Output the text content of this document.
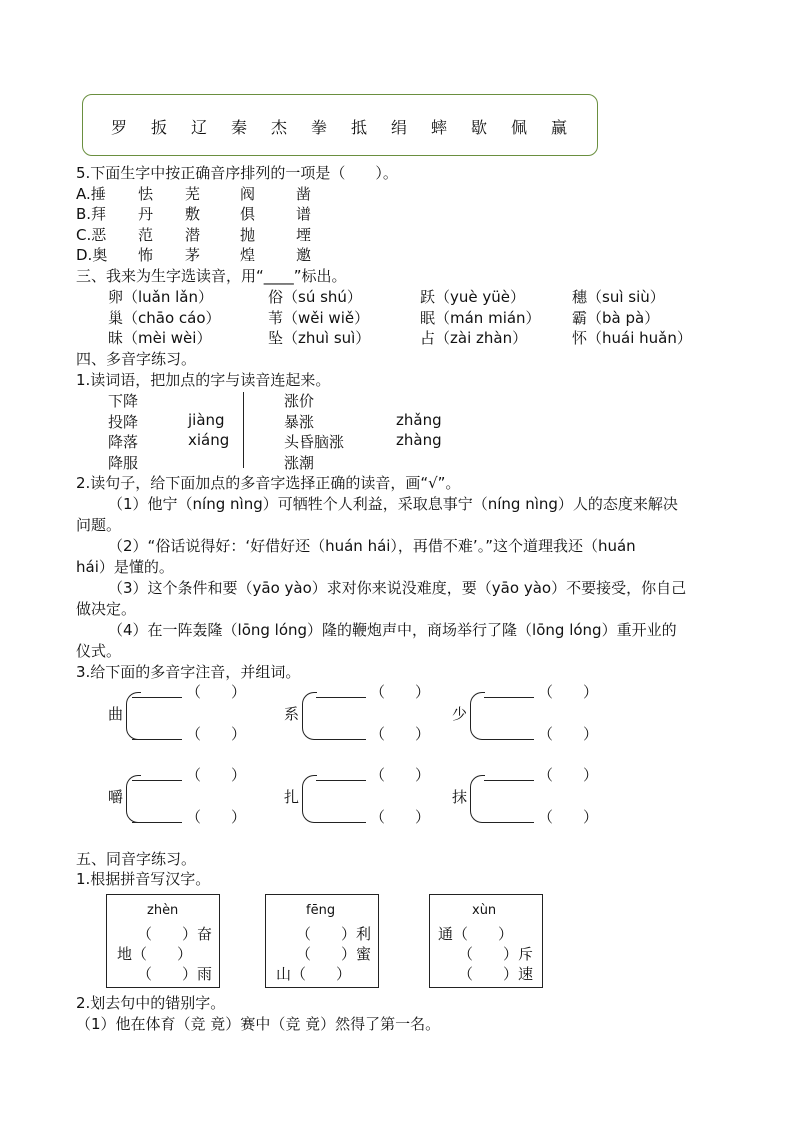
罗 扳 辽 秦 杰 拳 抵 绢 蟀 歇 佩 赢
5.下面生字中按正确音序排列的一项是（　　）。
A.捶 怯 芜	阀	凿
B.拜 丹 敷	俱	谱
C.恶 范 潜	抛	堙
D.奥 怖 茅	煌	邀
三、我来为生字选读音，用“____”标出。
卵（luǎn lǎn）	俗（sú shú）	跃（yuè yüè）	穗（suì siù）
巢（chāo cáo）	苇（wěi wiě）	眠（mán mián） 霸（bà pà）
昧（mèi wèi）	坠（zhuì suì）	占（zài zhàn）	怀（huái huǎn）
四、多音字练习。
1.读词语，把加点的字与读音连起来。
下降
投降
降落
降服
jiàng
xiáng
涨价
暴涨
头昏脑涨
涨潮
zhǎng
zhàng
2.读句子，给下面加点的多音字选择正确的读音，画“√”。
（1）他宁（níng nìng）可牺牲个人利益，采取息事宁（níng nìng）人的态度来解决
问题。
（2）“俗话说得好：‘好借好还（huán hái），再借不难’。”这个道理我还（huán
hái）是懂的。
（3）这个条件和要（yāo yào）求对你来说没难度，要（yāo yào）不要接受，你自己
做决定。
（4）在一阵轰隆（lōng lóng）隆的鞭炮声中，商场举行了隆（lōng lóng）重开业的
仪式。
3.给下面的多音字注音，并组词。
曲
（　　）
（　　）
系
（　　）
（　　）
少
（　　）
（　　）
嚼
（　　）
（　　）
扎
（　　）
（　　）
抹
（　　）
（　　）
五、同音字练习。
1.根据拼音写汉字。
zhèn
（　　）奋
地（　　）
（　　）雨
fēng
（　　）利
（　　）蜜
山（　　）
xùn
通（　　）
（　　）斥
（　　）速
2.划去句中的错别字。
（1）他在体育（竞 竟）赛中（竞 竟）然得了第一名。
